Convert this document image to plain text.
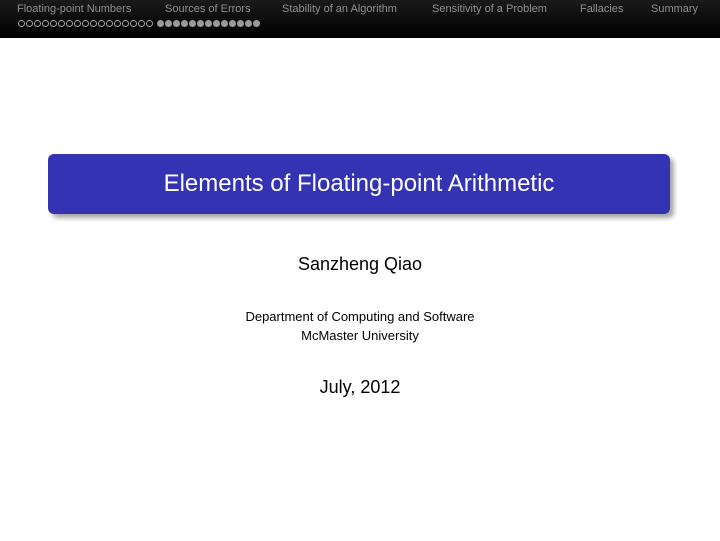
Floating-point Numbers	Sources of Errors	Stability of an Algorithm	Sensitivity of a Problem	Fallacies	Summary
Elements of Floating-point Arithmetic
Sanzheng Qiao
Department of Computing and Software
McMaster University
July, 2012
